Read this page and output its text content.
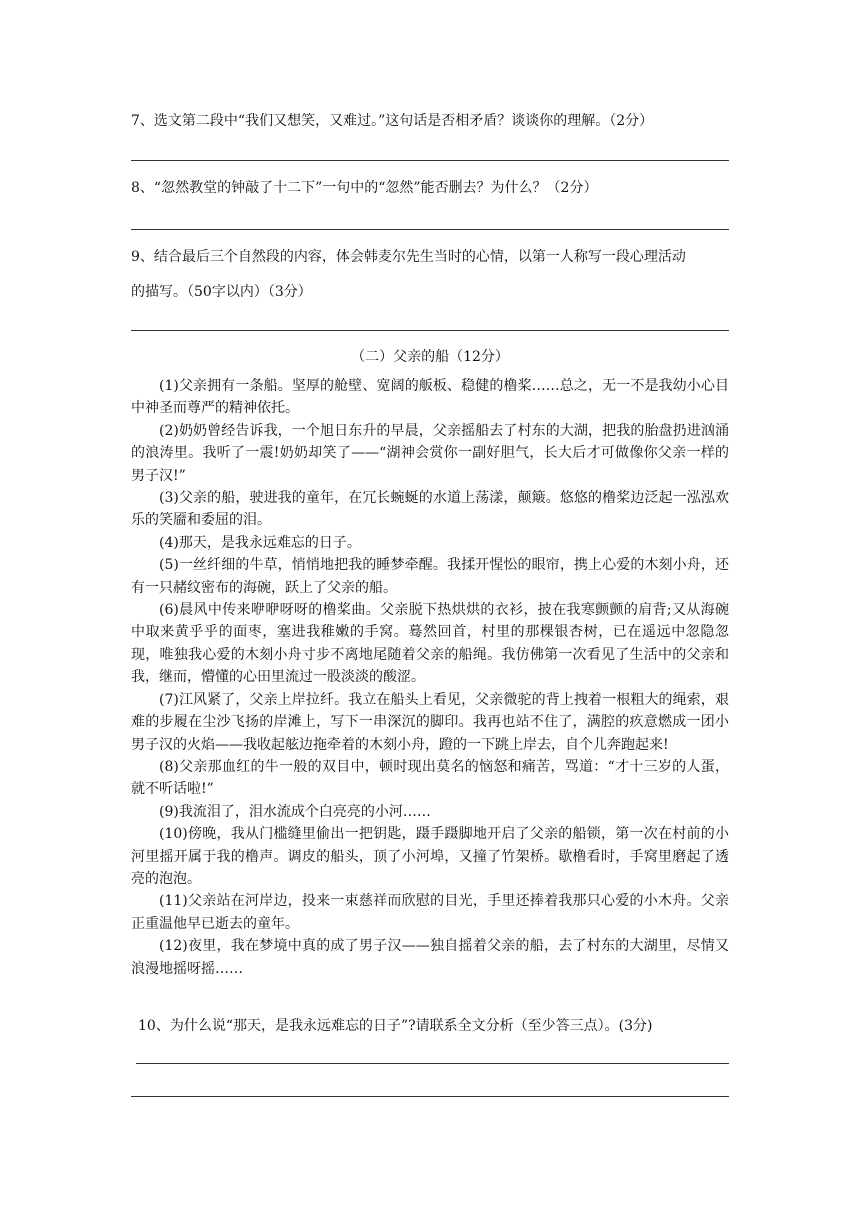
7、选文第二段中“我们又想笑，又难过。”这句话是否相矛盾？谈谈你的理解。（2分）
8、“忽然教堂的钟敲了十二下”一句中的“忽然”能否删去？为什么？（2分）
9、结合最后三个自然段的内容，体会韩麦尔先生当时的心情，以第一人称写一段心理活动
的描写。（50字以内）（3分）
（二）父亲的船（12分）

(1)父亲拥有一条船。坚厚的舱壁、宽阔的舨板、稳健的橹桨……总之，无一不是我幼小心目中神圣而尊严的精神依托。

(2)奶奶曾经告诉我，一个旭日东升的早晨，父亲摇船去了村东的大湖，把我的胎盘扔进汹涌的浪涛里。我听了一震!奶奶却笑了——“湖神会赏你一副好胆气，长大后才可做像你父亲一样的男子汉!”

(3)父亲的船，驶进我的童年，在冗长蜿蜒的水道上荡漾，颠簸。悠悠的橹桨边泛起一泓泓欢乐的笑靥和委屈的泪。

(4)那天，是我永远难忘的日子。

(5)一丝纤细的牛草，悄悄地把我的睡梦牵醒。我揉开惺忪的眼帘，携上心爱的木刻小舟，还有一只赭纹密布的海碗，跃上了父亲的船。

(6)晨风中传来咿咿呀呀的橹桨曲。父亲脱下热烘烘的衣衫，披在我寒颤颤的肩背;又从海碗中取来黄乎乎的面枣，塞进我稚嫩的手窝。蓦然回首，村里的那棵银杏树，已在遥远中忽隐忽现，唯独我心爱的木刻小舟寸步不离地尾随着父亲的船绳。我仿佛第一次看见了生活中的父亲和我，继而，懵懂的心田里流过一股淡淡的酸涩。

(7)江风紧了，父亲上岸拉纤。我立在船头上看见，父亲微驼的背上拽着一根粗大的绳索，艰难的步履在尘沙飞扬的岸滩上，写下一串深沉的脚印。我再也站不住了，满腔的疚意燃成一团小男子汉的火焰——我收起舷边拖牵着的木刻小舟，蹬的一下跳上岸去，自个儿奔跑起来!

(8)父亲那血红的牛一般的双目中，顿时现出莫名的恼怒和痛苦，骂道：“才十三岁的人蛋，就不听话啦!”

(9)我流泪了，泪水流成个白亮亮的小河……

(10)傍晚，我从门槛缝里偷出一把钥匙，蹑手蹑脚地开启了父亲的船锁，第一次在村前的小河里摇开属于我的橹声。调皮的船头，顶了小河埠，又撞了竹架桥。歇橹看时，手窝里磨起了透亮的泡泡。

(11)父亲站在河岸边，投来一束慈祥而欣慰的目光，手里还捧着我那只心爱的小木舟。父亲正重温他早已逝去的童年。

(12)夜里，我在梦境中真的成了男子汉——独自摇着父亲的船，去了村东的大湖里，尽情又浪漫地摇呀摇……

10、为什么说“那天，是我永远难忘的日子”?请联系全文分析（至少答三点）。(3分)
